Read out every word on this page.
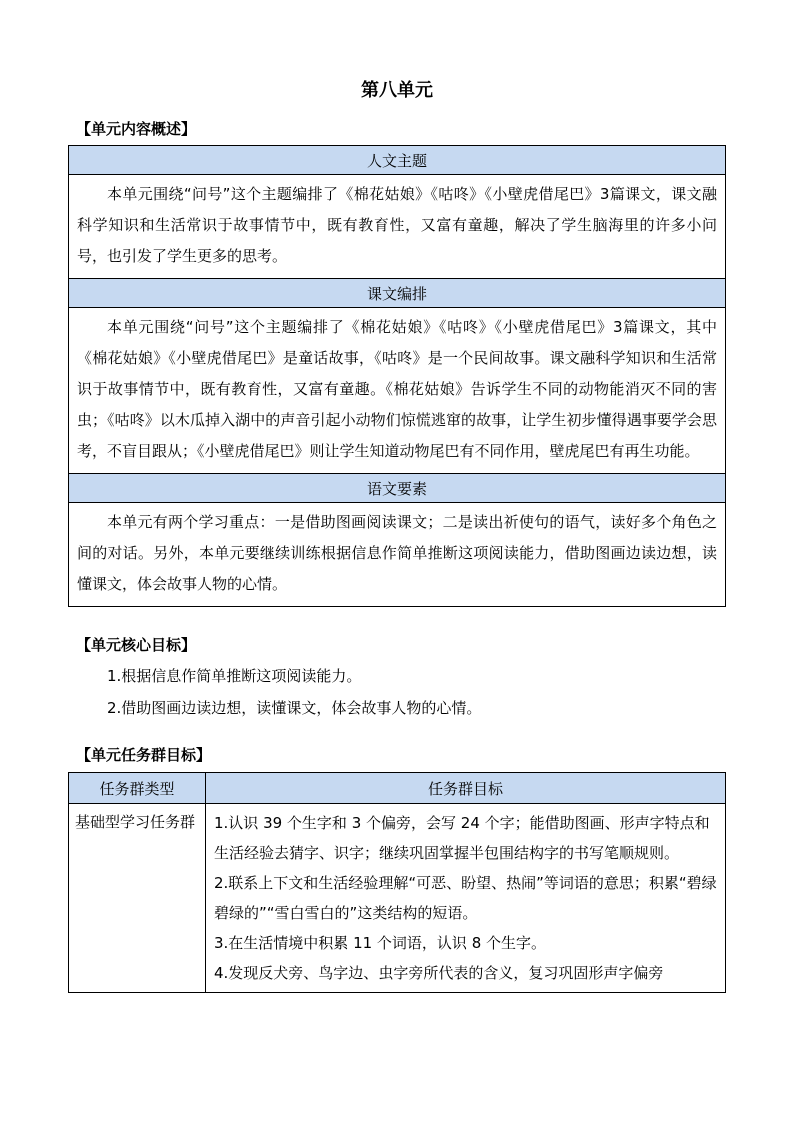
第八单元
【单元内容概述】
人文主题
本单元围绕“问号”这个主题编排了《棉花姑娘》《咕咚》《小壁虎借尾巴》3篇课文，课文融科学知识和生活常识于故事情节中，既有教育性，又富有童趣，解决了学生脑海里的许多小问号，也引发了学生更多的思考。
课文编排
本单元围绕“问号”这个主题编排了《棉花姑娘》《咕咚》《小壁虎借尾巴》3篇课文，其中《棉花姑娘》《小壁虎借尾巴》是童话故事，《咕咚》是一个民间故事。课文融科学知识和生活常识于故事情节中，既有教育性，又富有童趣。《棉花姑娘》告诉学生不同的动物能消灭不同的害虫；《咕咚》以木瓜掉入湖中的声音引起小动物们惊慌逃窜的故事，让学生初步懂得遇事要学会思考，不盲目跟从；《小壁虎借尾巴》则让学生知道动物尾巴有不同作用，壁虎尾巴有再生功能。
语文要素
本单元有两个学习重点：一是借助图画阅读课文；二是读出祈使句的语气，读好多个角色之间的对话。另外，本单元要继续训练根据信息作简单推断这项阅读能力，借助图画边读边想，读懂课文，体会故事人物的心情。
【单元核心目标】
1.根据信息作简单推断这项阅读能力。
2.借助图画边读边想，读懂课文，体会故事人物的心情。
【单元任务群目标】
任务群类型	任务群目标
基础型学习任务群	1.认识 39 个生字和 3 个偏旁，会写 24 个字；能借助图画、形声字特点和生活经验去猜字、识字；继续巩固掌握半包围结构字的书写笔顺规则。
2.联系上下文和生活经验理解“可恶、盼望、热闹”等词语的意思；积累“碧绿碧绿的”“雪白雪白的”这类结构的短语。
3.在生活情境中积累 11 个词语，认识 8 个生字。
4.发现反犬旁、鸟字边、虫字旁所代表的含义，复习巩固形声字偏旁
